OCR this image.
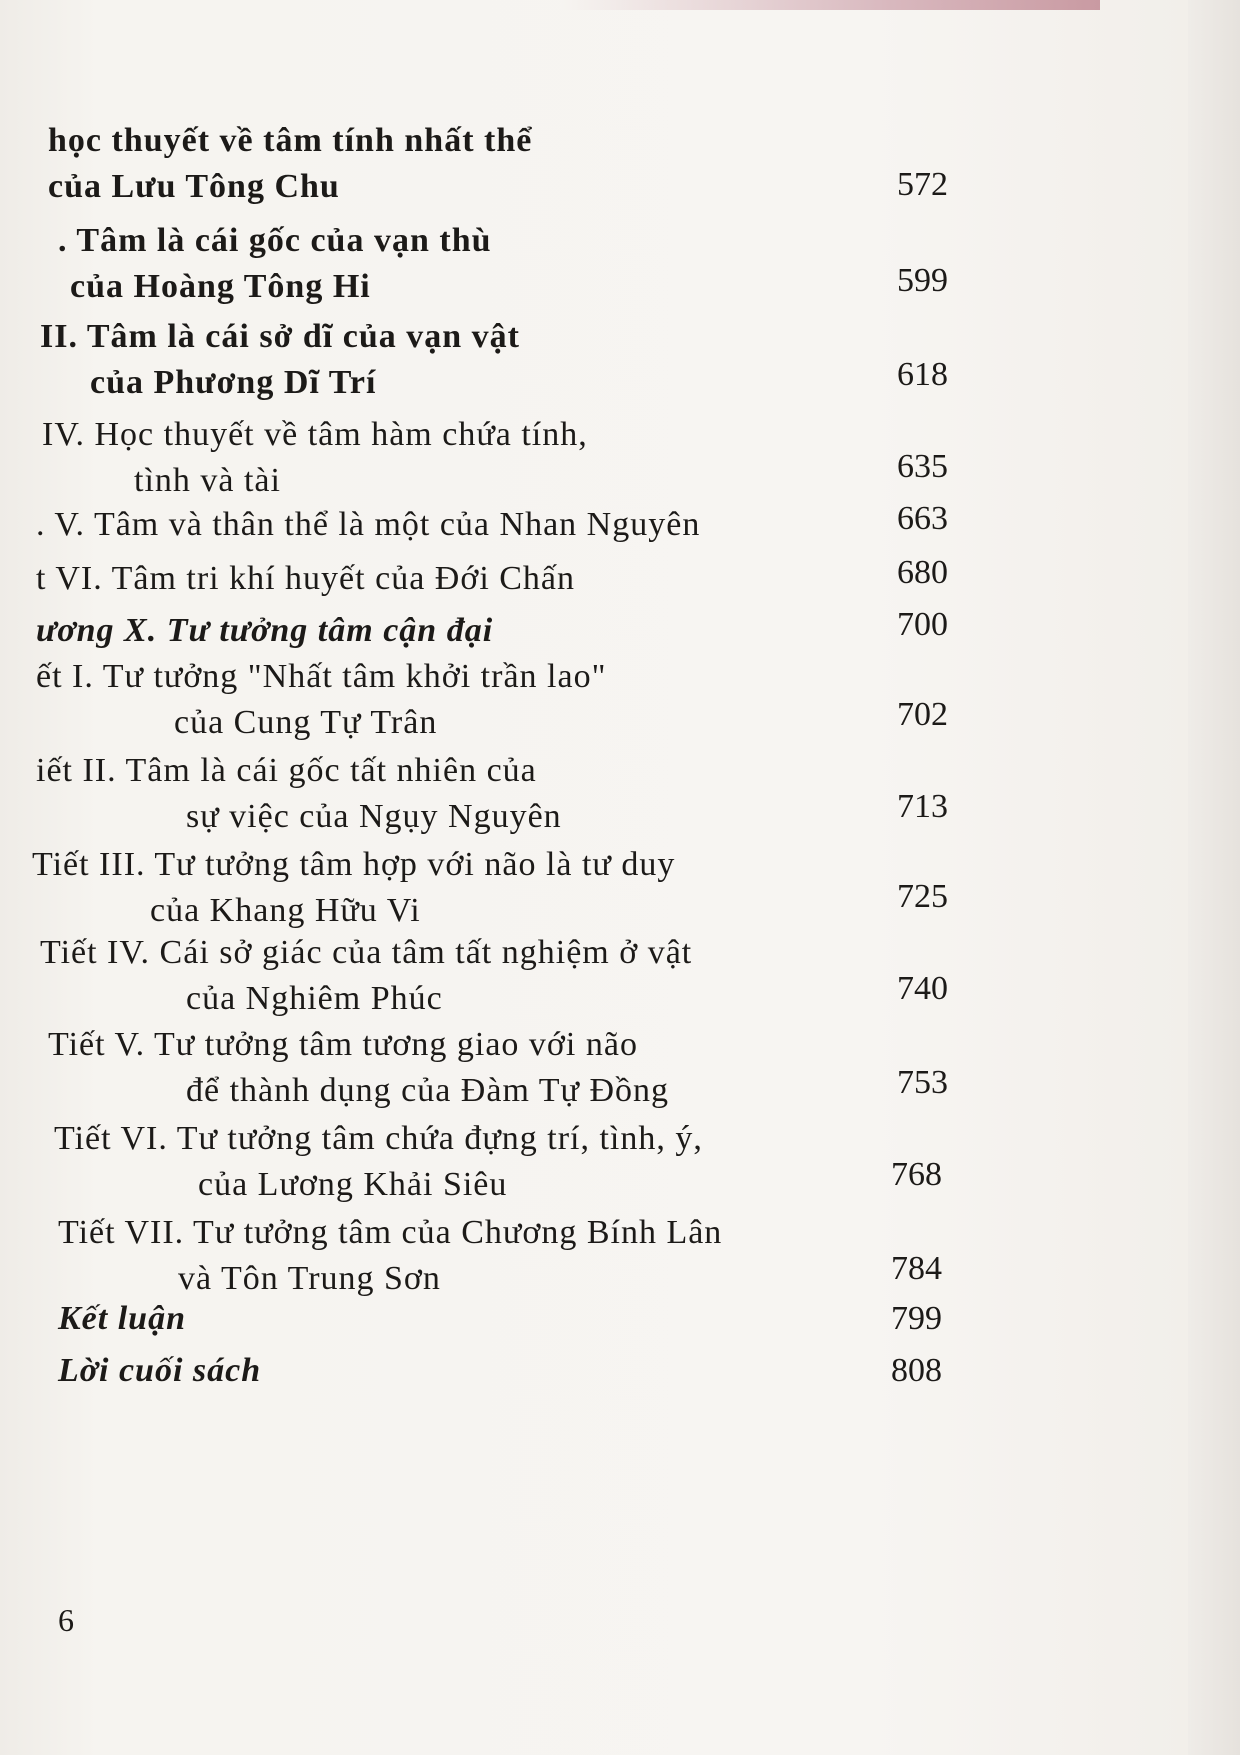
học thuyết về tâm tính nhất thể
của Lưu Tông Chu	572
. Tâm là cái gốc của vạn thù
của Hoàng Tông Hi	599
II. Tâm là cái sở dĩ của vạn vật
của Phương Dĩ Trí	618
IV. Học thuyết về tâm hàm chứa tính,
tình và tài	635
. V. Tâm và thân thể là một của Nhan Nguyên	663
t VI. Tâm tri khí huyết của Đới Chấn	680
ương X. Tư tưởng tâm cận đại	700
ết I. Tư tưởng "Nhất tâm khởi trần lao"
của Cung Tự Trân	702
iết II. Tâm là cái gốc tất nhiên của
sự việc của Ngụy Nguyên	713
Tiết III. Tư tưởng tâm hợp với não là tư duy
của Khang Hữu Vi	725
Tiết IV. Cái sở giác của tâm tất nghiệm ở vật
của Nghiêm Phúc	740
Tiết V. Tư tưởng tâm tương giao với não
để thành dụng của Đàm Tự Đồng	753
Tiết VI. Tư tưởng tâm chứa đựng trí, tình, ý,
của Lương Khải Siêu	768
Tiết VII. Tư tưởng tâm của Chương Bính Lân
và Tôn Trung Sơn	784
Kết luận	799
Lời cuối sách	808
6
